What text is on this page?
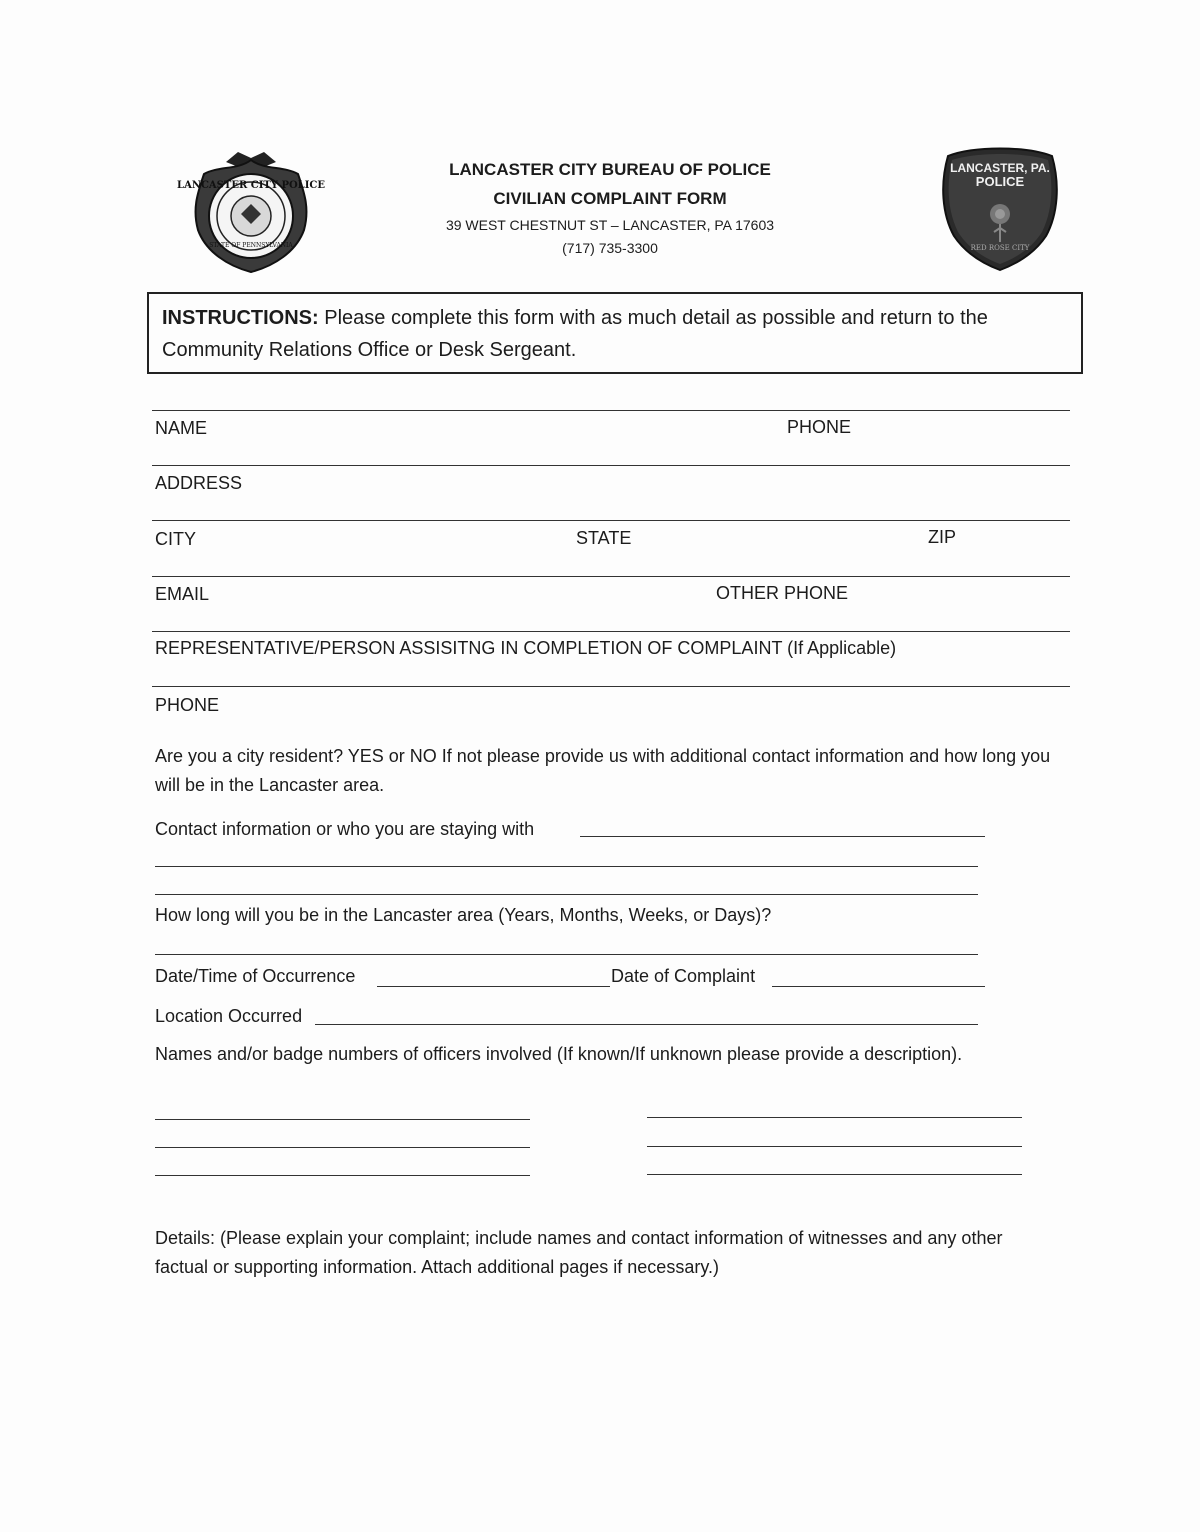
LANCASTER CITY POLICE
STATE OF PENNSYLVANIA
LANCASTER, PA.
POLICE
RED ROSE CITY
LANCASTER CITY BUREAU OF POLICE
CIVILIAN COMPLAINT FORM
39 WEST CHESTNUT ST – LANCASTER, PA 17603
(717) 735-3300
INSTRUCTIONS: Please complete this form with as much detail as possible and return to the Community Relations Office or Desk Sergeant.
NAME	PHONE
ADDRESS
CITY	STATE	ZIP
EMAIL	OTHER PHONE
REPRESENTATIVE/PERSON ASSISITNG IN COMPLETION OF COMPLAINT (If Applicable)
PHONE
Are you a city resident? YES or NO If not please provide us with additional contact information and how long you will be in the Lancaster area.
Contact information or who you are staying with
How long will you be in the Lancaster area (Years, Months, Weeks, or Days)?
Date/Time of Occurrence	Date of Complaint
Location Occurred
Names and/or badge numbers of officers involved (If known/If unknown please provide a description).
Details: (Please explain your complaint; include names and contact information of witnesses and any other factual or supporting information. Attach additional pages if necessary.)
